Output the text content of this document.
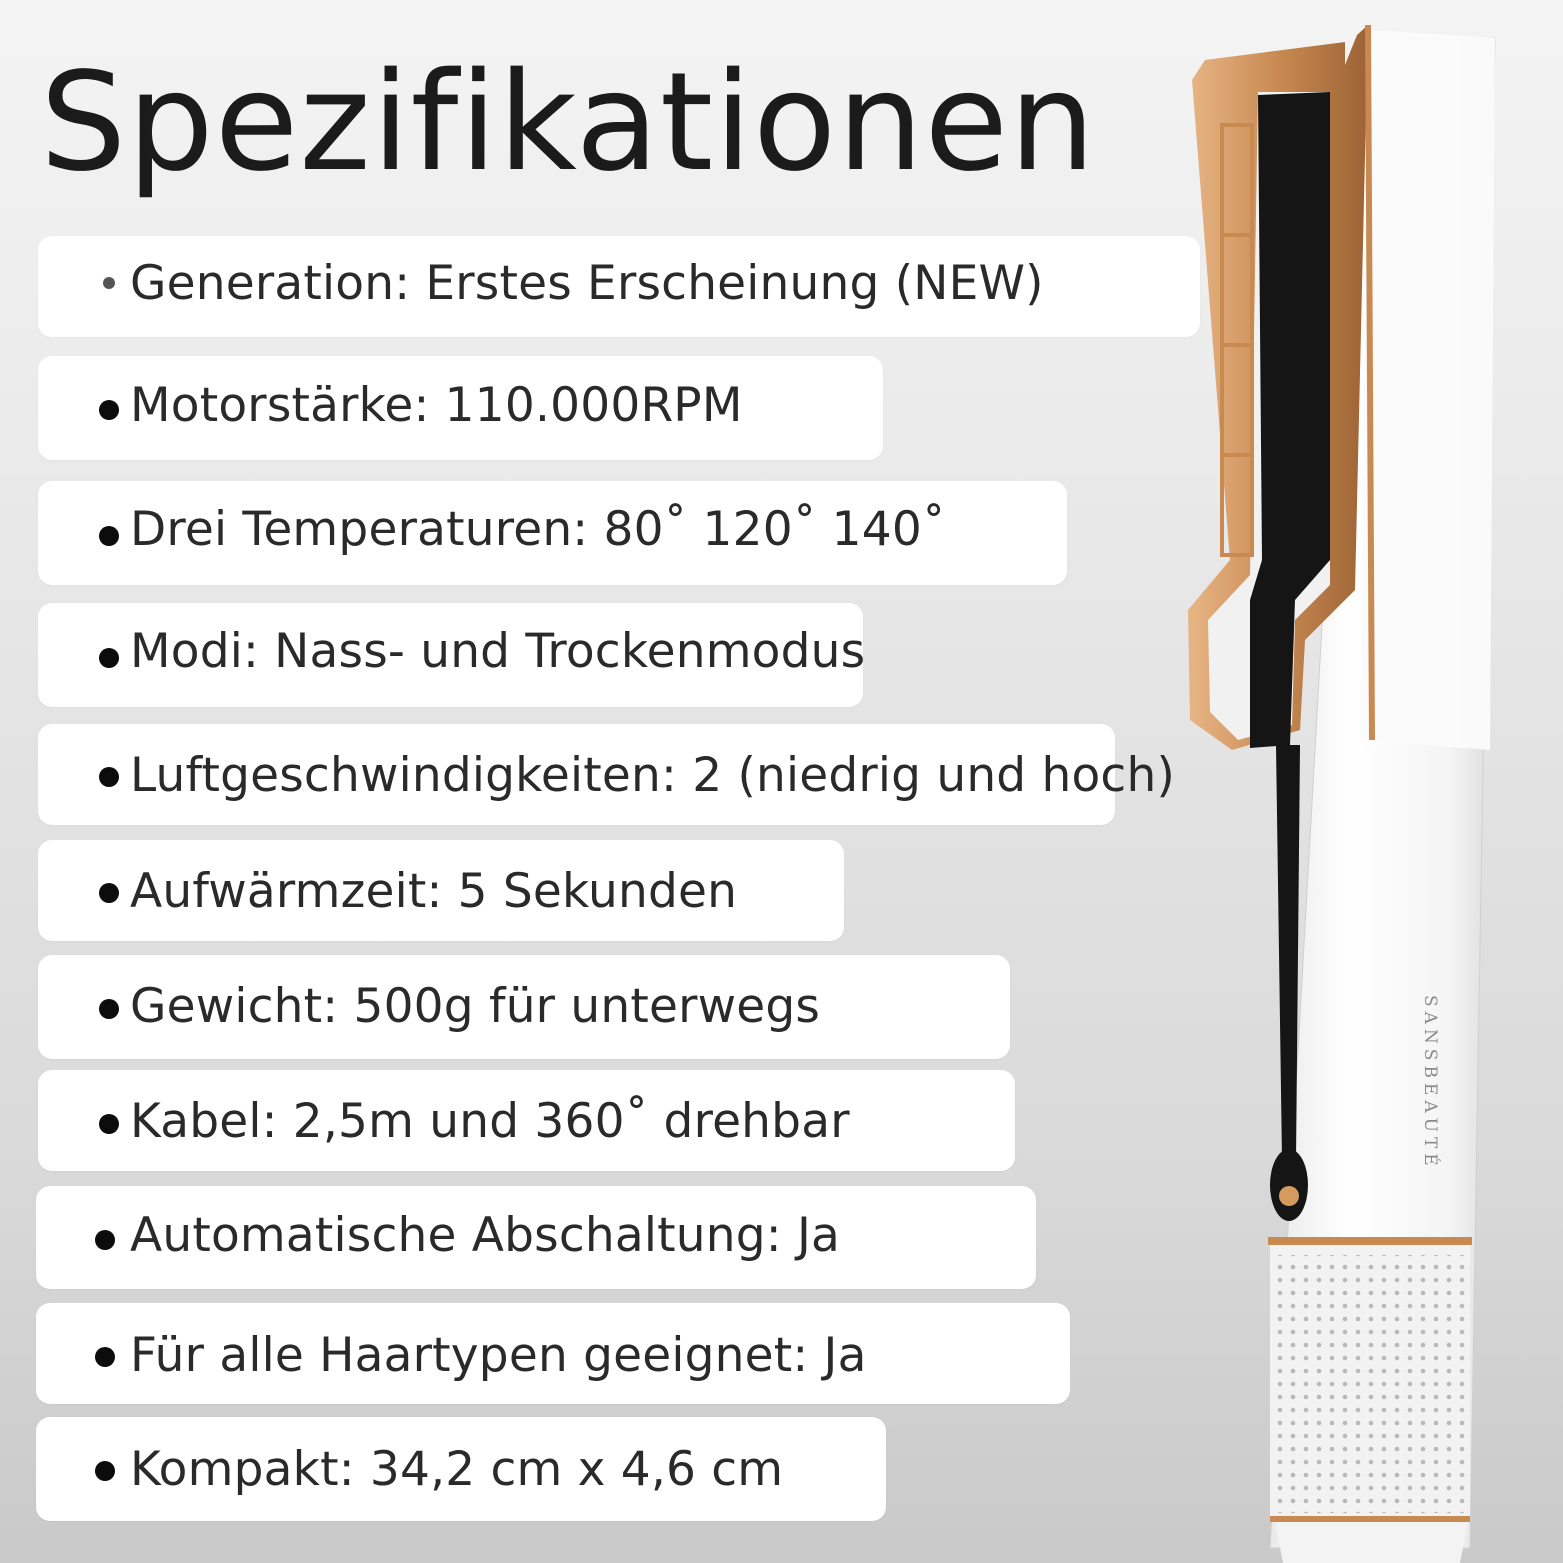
Spezifikationen
Generation: Erstes Erscheinung (NEW)
Motorstärke: 110.000RPM
Drei Temperaturen: 80˚ 120˚ 140˚
Modi: Nass- und Trockenmodus
Luftgeschwindigkeiten: 2 (niedrig und hoch)
Aufwärmzeit: 5 Sekunden
Gewicht: 500g für unterwegs
Kabel: 2,5m und 360˚ drehbar
Automatische Abschaltung: Ja
Für alle Haartypen geeignet: Ja
Kompakt: 34,2 cm x 4,6 cm
SANSBEAUTÉ
